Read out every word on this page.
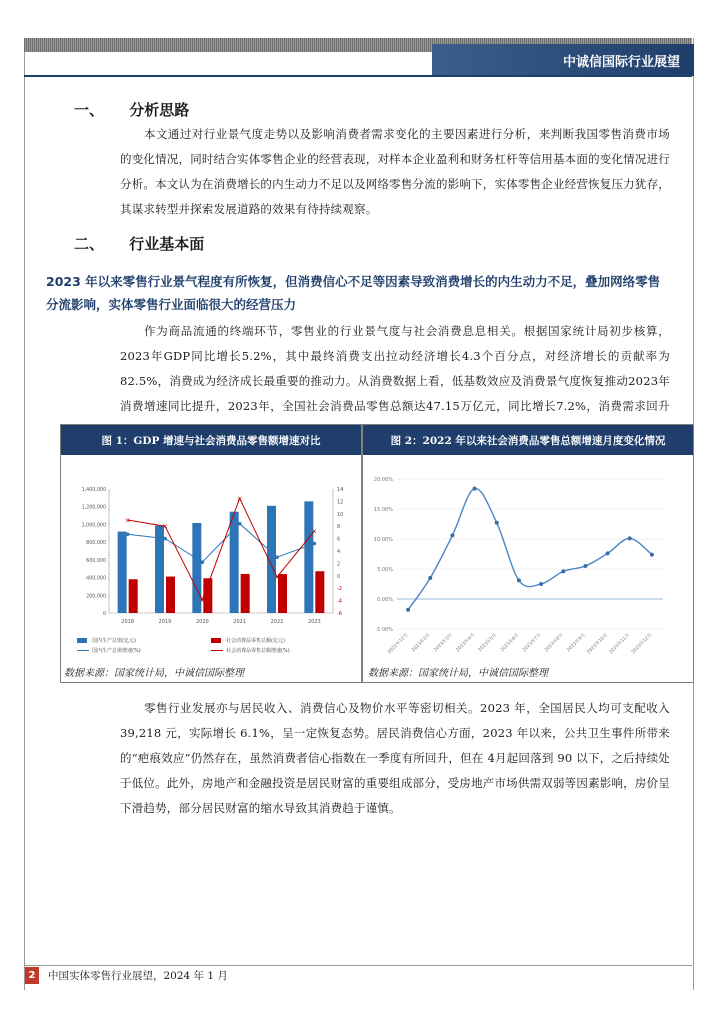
中诚信国际行业展望
一、 分析思路

本文通过对行业景气度走势以及影响消费者需求变化的主要因素进行分析，来判断我国零售消费市场的变化情况，同时结合实体零售企业的经营表现，对样本企业盈利和财务杠杆等信用基本面的变化情况进行分析。本文认为在消费增长的内生动力不足以及网络零售分流的影响下，实体零售企业经营恢复压力犹存，其谋求转型并探索发展道路的效果有待持续观察。

二、 行业基本面
2023 年以来零售行业景气程度有所恢复，但消费信心不足等因素导致消费增长的内生动力不足，叠加网络零售分流影响，实体零售行业面临很大的经营压力

作为商品流通的终端环节，零售业的行业景气度与社会消费息息相关。根据国家统计局初步核算，2023年GDP同比增长5.2%，其中最终消费支出拉动经济增长4.3个百分点，对经济增长的贡献率为82.5%，消费成为经济成长最重要的推动力。从消费数据上看，低基数效应及消费景气度恢复推动2023年消费增速同比提升，2023年，全国社会消费品零售总额达47.15万亿元，同比增长7.2%，消费需求回升

图 1：GDP 增速与社会消费品零售额增速对比
1,400,000
1,200,000
1,000,000
800,000
600,000
400,000
200,000
0
14
12
10
8
6
4
2
0
-2
-4
-6
2018	2019	2020	2021	2022	2023
×
×
×
×
×
×
国内生产总值(亿元)	社会消费品零售总额(亿元)
国内生产总值增速(%)	社会消费品零售总额增速(%)
数据来源：国家统计局，中诚信国际整理
图 2：2022 年以来社会消费品零售总额增速月度变化情况
20.00%
15.00%
10.00%
5.00%
0.00%
-5.00%
2022年12月 2023年2月 2023年3月 2023年4月 2023年5月 2023年6月 2023年7月 2023年8月 2023年9月 2023年10月 2023年11月 2023年12月
数据来源：国家统计局，中诚信国际整理

零售行业发展亦与居民收入、消费信心及物价水平等密切相关。2023 年，全国居民人均可支配收入 39,218 元，实际增长 6.1%，呈一定恢复态势。居民消费信心方面，2023 年以来，公共卫生事件所带来的“疤痕效应”仍然存在，虽然消费者信心指数在一季度有所回升，但在 4月起回落到 90 以下，之后持续处于低位。此外，房地产和金融投资是居民财富的重要组成部分，受房地产市场供需双弱等因素影响，房价呈下滑趋势，部分居民财富的缩水导致其消费趋于谨慎。

2	中国实体零售行业展望，2024 年 1 月
